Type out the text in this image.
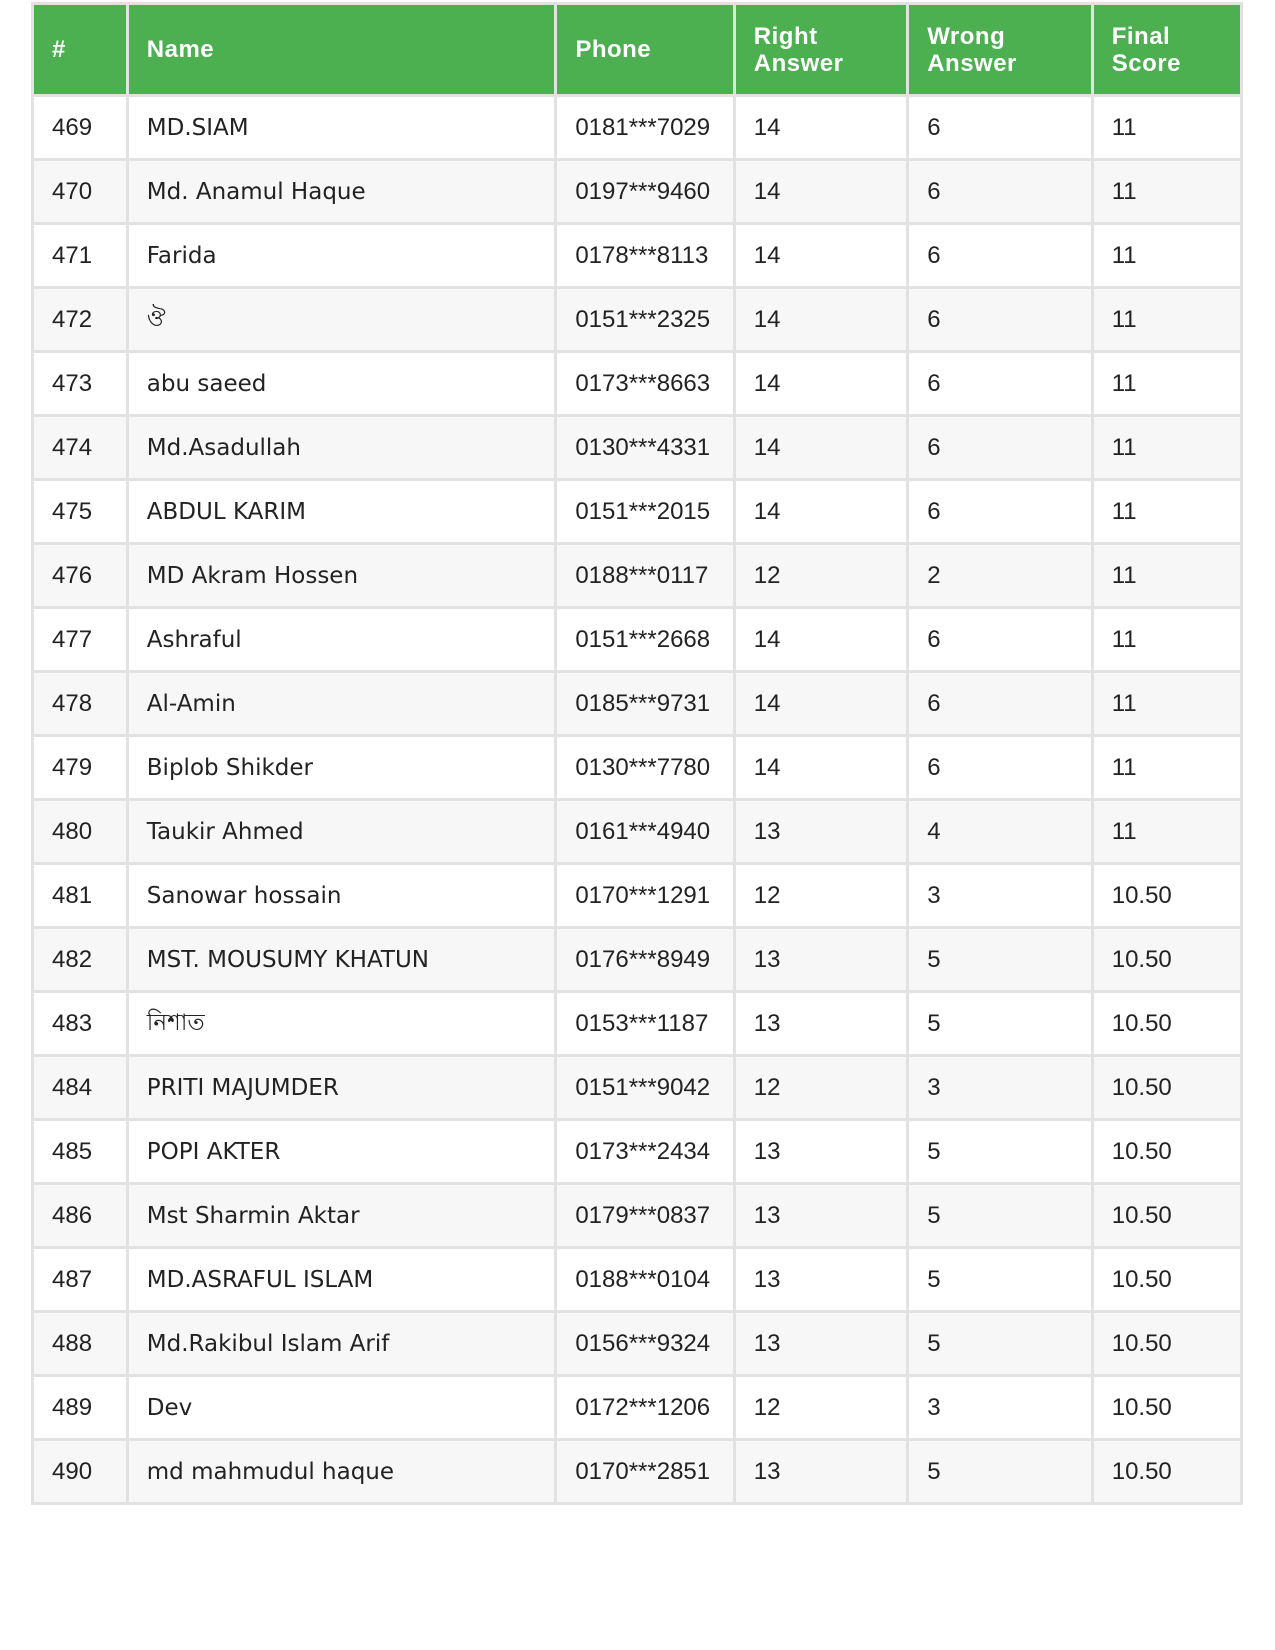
#	Name	Phone	Right Answer	Wrong Answer	Final Score
469	MD.SIAM	0181***7029	14	6	11
470	Md. Anamul Haque	0197***9460	14	6	11
471	Farida	0178***8113	14	6	11
472	ঔ	0151***2325	14	6	11
473	abu saeed	0173***8663	14	6	11
474	Md.Asadullah	0130***4331	14	6	11
475	ABDUL KARIM	0151***2015	14	6	11
476	MD Akram Hossen	0188***0117	12	2	11
477	Ashraful	0151***2668	14	6	11
478	Al-Amin	0185***9731	14	6	11
479	Biplob Shikder	0130***7780	14	6	11
480	Taukir Ahmed	0161***4940	13	4	11
481	Sanowar hossain	0170***1291	12	3	10.50
482	MST. MOUSUMY KHATUN	0176***8949	13	5	10.50
483	নিশাত	0153***1187	13	5	10.50
484	PRITI MAJUMDER	0151***9042	12	3	10.50
485	POPI AKTER	0173***2434	13	5	10.50
486	Mst Sharmin Aktar	0179***0837	13	5	10.50
487	MD.ASRAFUL ISLAM	0188***0104	13	5	10.50
488	Md.Rakibul Islam Arif	0156***9324	13	5	10.50
489	Dev	0172***1206	12	3	10.50
490	md mahmudul haque	0170***2851	13	5	10.50
